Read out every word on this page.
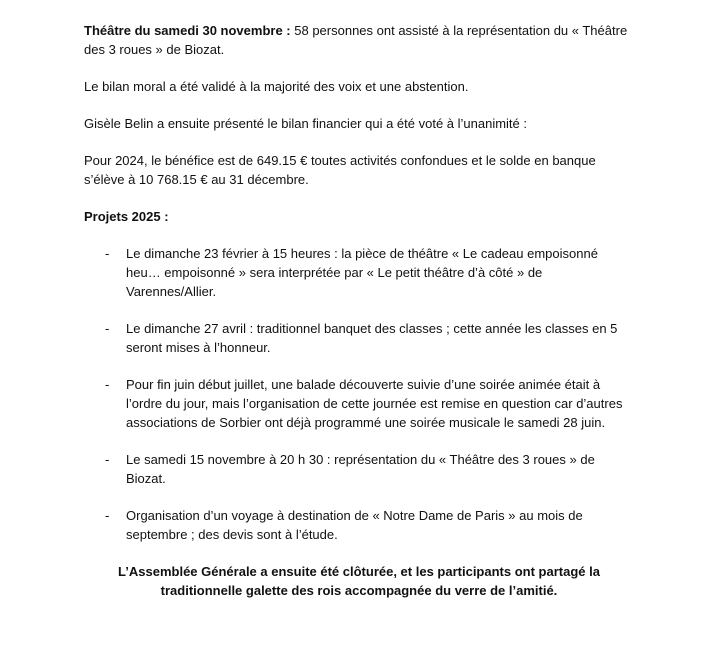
Théâtre du samedi 30 novembre : 58 personnes ont assisté à la représentation du « Théâtre des 3 roues » de Biozat.

Le bilan moral a été validé à la majorité des voix et une abstention.

Gisèle Belin a ensuite présenté le bilan financier qui a été voté à l’unanimité :

Pour 2024, le bénéfice est de 649.15 € toutes activités confondues et le solde en banque s’élève à 10 768.15 € au 31 décembre.

Projets 2025 :

- Le dimanche 23 février à 15 heures : la pièce de théâtre « Le cadeau empoisonné heu… empoisonné » sera interprétée par « Le petit théâtre d’à côté » de Varennes/Allier.
- Le dimanche 27 avril : traditionnel banquet des classes ; cette année les classes en 5 seront mises à l’honneur.
- Pour fin juin début juillet, une balade découverte suivie d’une soirée animée était à l’ordre du jour, mais l’organisation de cette journée est remise en question car d’autres associations de Sorbier ont déjà programmé une soirée musicale le samedi 28 juin.
- Le samedi 15 novembre à 20 h 30 : représentation du « Théâtre des 3 roues » de Biozat.
- Organisation d’un voyage à destination de « Notre Dame de Paris » au mois de septembre ; des devis sont à l’étude.

L’Assemblée Générale a ensuite été clôturée, et les participants ont partagé la traditionnelle galette des rois accompagnée du verre de l’amitié.
